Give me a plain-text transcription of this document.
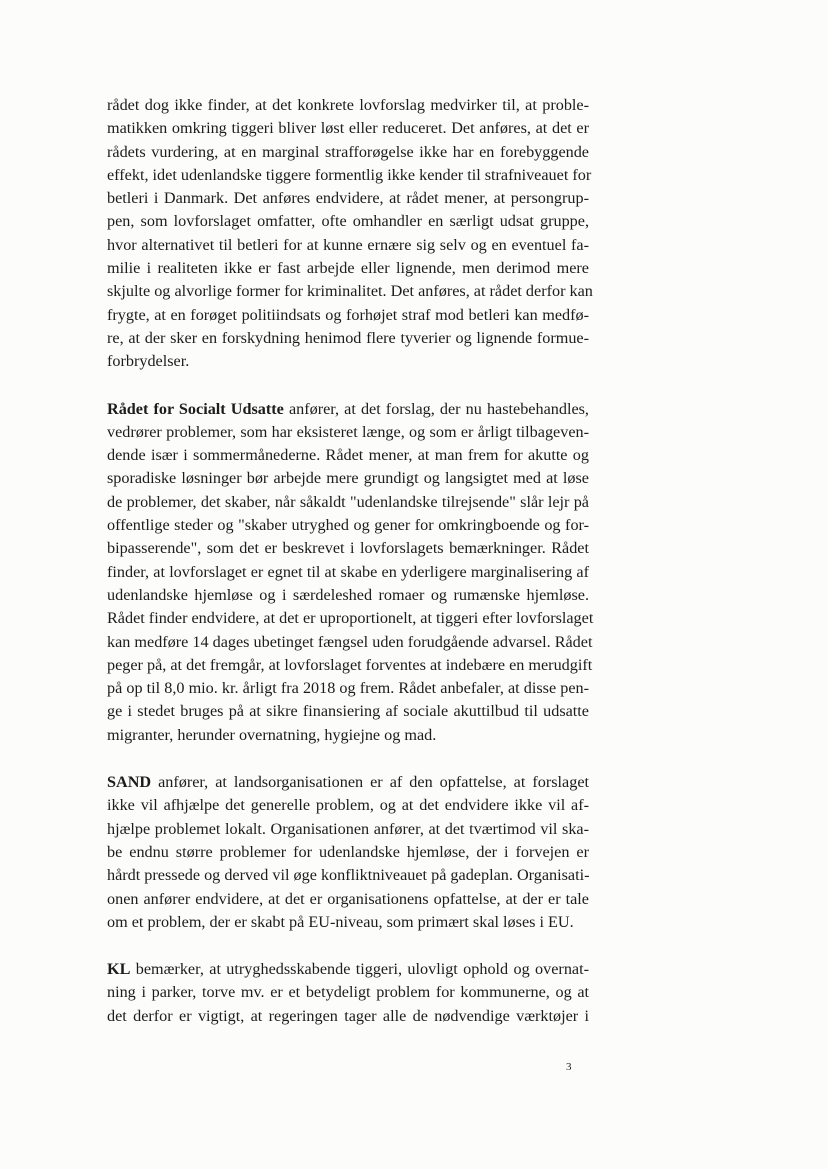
rådet dog ikke finder, at det konkrete lovforslag medvirker til, at proble-
matikken omkring tiggeri bliver løst eller reduceret. Det anføres, at det er
rådets vurdering, at en marginal strafforøgelse ikke har en forebyggende
effekt, idet udenlandske tiggere formentlig ikke kender til strafniveauet for
betleri i Danmark. Det anføres endvidere, at rådet mener, at persongrup-
pen, som lovforslaget omfatter, ofte omhandler en særligt udsat gruppe,
hvor alternativet til betleri for at kunne ernære sig selv og en eventuel fa-
milie i realiteten ikke er fast arbejde eller lignende, men derimod mere
skjulte og alvorlige former for kriminalitet. Det anføres, at rådet derfor kan
frygte, at en forøget politiindsats og forhøjet straf mod betleri kan medfø-
re, at der sker en forskydning henimod flere tyverier og lignende formue-
forbrydelser.

Rådet for Socialt Udsatte anfører, at det forslag, der nu hastebehandles,
vedrører problemer, som har eksisteret længe, og som er årligt tilbageven-
dende især i sommermånederne. Rådet mener, at man frem for akutte og
sporadiske løsninger bør arbejde mere grundigt og langsigtet med at løse
de problemer, det skaber, når såkaldt "udenlandske tilrejsende" slår lejr på
offentlige steder og "skaber utryghed og gener for omkringboende og for-
bipasserende", som det er beskrevet i lovforslagets bemærkninger. Rådet
finder, at lovforslaget er egnet til at skabe en yderligere marginalisering af
udenlandske hjemløse og i særdeleshed romaer og rumænske hjemløse.
Rådet finder endvidere, at det er uproportionelt, at tiggeri efter lovforslaget
kan medføre 14 dages ubetinget fængsel uden forudgående advarsel. Rådet
peger på, at det fremgår, at lovforslaget forventes at indebære en merudgift
på op til 8,0 mio. kr. årligt fra 2018 og frem. Rådet anbefaler, at disse pen-
ge i stedet bruges på at sikre finansiering af sociale akuttilbud til udsatte
migranter, herunder overnatning, hygiejne og mad.

SAND anfører, at landsorganisationen er af den opfattelse, at forslaget
ikke vil afhjælpe det generelle problem, og at det endvidere ikke vil af-
hjælpe problemet lokalt. Organisationen anfører, at det tværtimod vil ska-
be endnu større problemer for udenlandske hjemløse, der i forvejen er
hårdt pressede og derved vil øge konfliktniveauet på gadeplan. Organisati-
onen anfører endvidere, at det er organisationens opfattelse, at der er tale
om et problem, der er skabt på EU-niveau, som primært skal løses i EU.

KL bemærker, at utryghedsskabende tiggeri, ulovligt ophold og overnat-
ning i parker, torve mv. er et betydeligt problem for kommunerne, og at
det derfor er vigtigt, at regeringen tager alle de nødvendige værktøjer i

3
